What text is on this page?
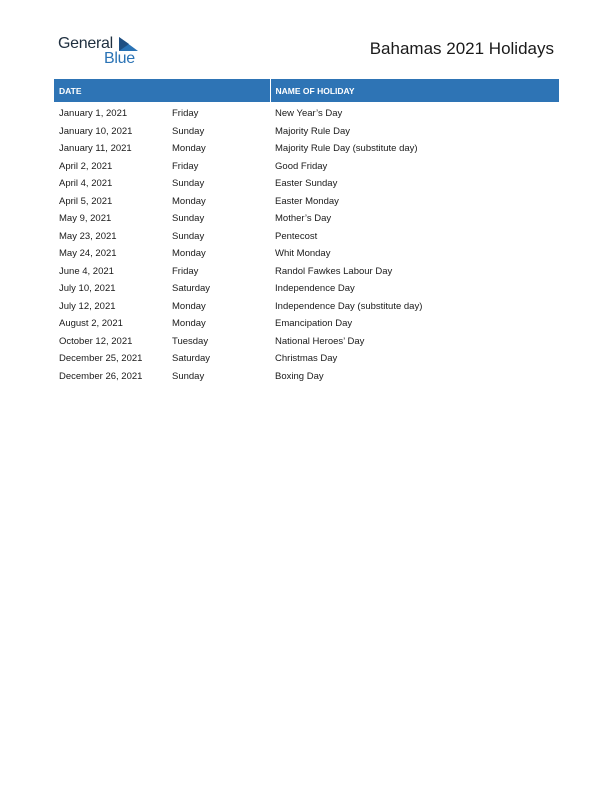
General
Blue
Bahamas 2021 Holidays
DATE		NAME OF HOLIDAY
January 1, 2021	Friday	New Year’s Day
January 10, 2021	Sunday	Majority Rule Day
January 11, 2021	Monday	Majority Rule Day (substitute day)
April 2, 2021	Friday	Good Friday
April 4, 2021	Sunday	Easter Sunday
April 5, 2021	Monday	Easter Monday
May 9, 2021	Sunday	Mother’s Day
May 23, 2021	Sunday	Pentecost
May 24, 2021	Monday	Whit Monday
June 4, 2021	Friday	Randol Fawkes Labour Day
July 10, 2021	Saturday	Independence Day
July 12, 2021	Monday	Independence Day (substitute day)
August 2, 2021	Monday	Emancipation Day
October 12, 2021	Tuesday	National Heroes’ Day
December 25, 2021	Saturday	Christmas Day
December 26, 2021	Sunday	Boxing Day
